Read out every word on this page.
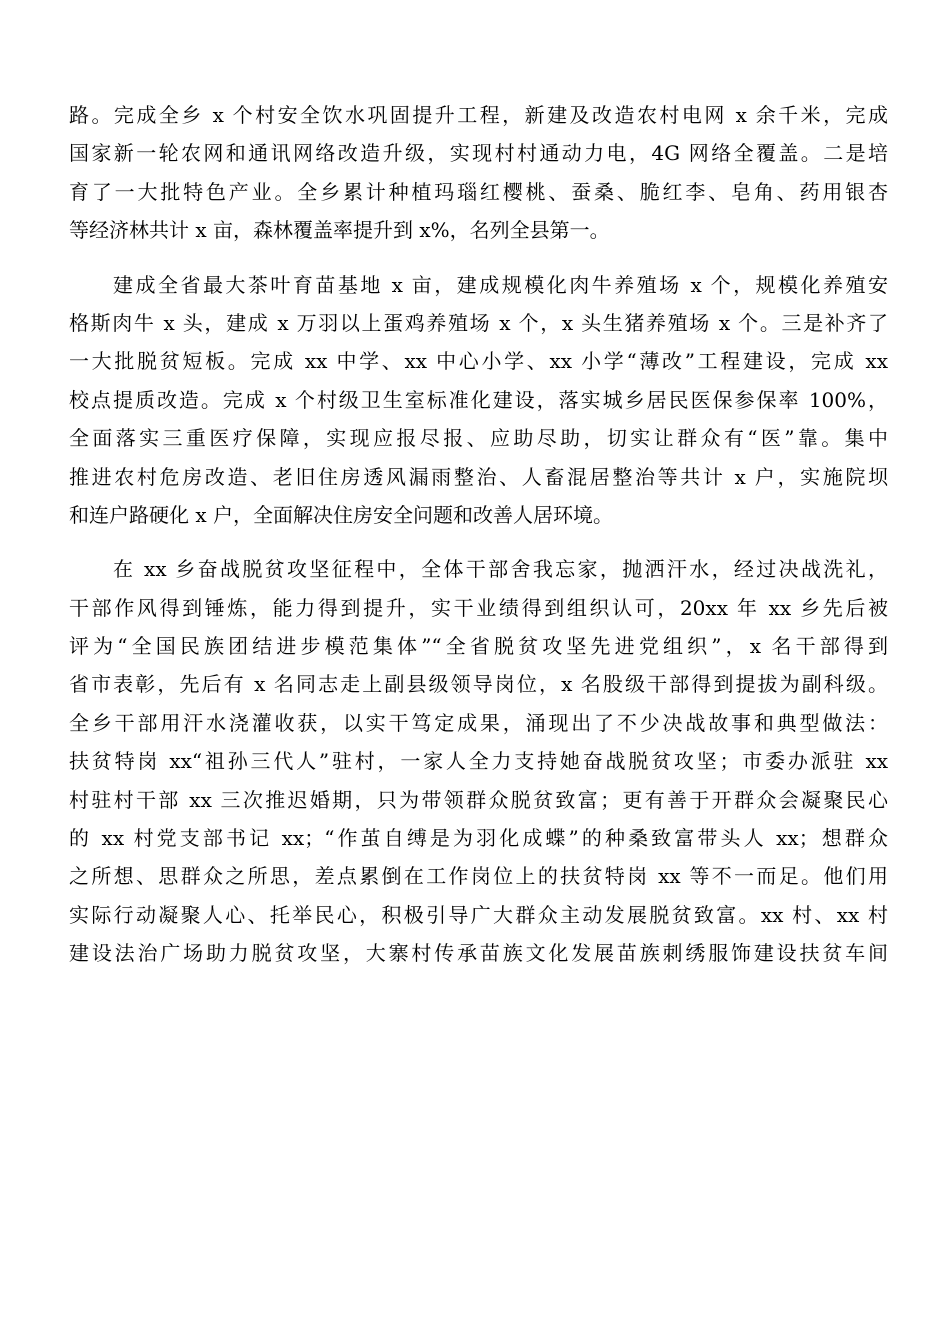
路。完成全乡 x 个村安全饮水巩固提升工程，新建及改造农村电网 x 余千米，完成
国家新一轮农网和通讯网络改造升级，实现村村通动力电，4G 网络全覆盖。二是培
育了一大批特色产业。全乡累计种植玛瑙红樱桃、蚕桑、脆红李、皂角、药用银杏
等经济林共计 x 亩，森林覆盖率提升到 x%，名列全县第一。
建成全省最大茶叶育苗基地 x 亩，建成规模化肉牛养殖场 x 个，规模化养殖安
格斯肉牛 x 头，建成 x 万羽以上蛋鸡养殖场 x 个，x 头生猪养殖场 x 个。三是补齐了
一大批脱贫短板。完成 xx 中学、xx 中心小学、xx 小学“薄改”工程建设，完成 xx
校点提质改造。完成 x 个村级卫生室标准化建设，落实城乡居民医保参保率 100%，
全面落实三重医疗保障，实现应报尽报、应助尽助，切实让群众有“医”靠。集中
推进农村危房改造、老旧住房透风漏雨整治、人畜混居整治等共计 x 户，实施院坝
和连户路硬化 x 户，全面解决住房安全问题和改善人居环境。
在 xx 乡奋战脱贫攻坚征程中，全体干部舍我忘家，抛洒汗水，经过决战洗礼，
干部作风得到锤炼，能力得到提升，实干业绩得到组织认可，20xx 年 xx 乡先后被
评为“全国民族团结进步模范集体”“全省脱贫攻坚先进党组织”，x 名干部得到
省市表彰，先后有 x 名同志走上副县级领导岗位，x 名股级干部得到提拔为副科级。
全乡干部用汗水浇灌收获，以实干笃定成果，涌现出了不少决战故事和典型做法：
扶贫特岗 xx“祖孙三代人”驻村，一家人全力支持她奋战脱贫攻坚；市委办派驻 xx
村驻村干部 xx 三次推迟婚期，只为带领群众脱贫致富；更有善于开群众会凝聚民心
的 xx 村党支部书记 xx；“作茧自缚是为羽化成蝶”的种桑致富带头人 xx；想群众
之所想、思群众之所思，差点累倒在工作岗位上的扶贫特岗 xx 等不一而足。他们用
实际行动凝聚人心、托举民心，积极引导广大群众主动发展脱贫致富。xx 村、xx 村
建设法治广场助力脱贫攻坚，大寨村传承苗族文化发展苗族刺绣服饰建设扶贫车间
